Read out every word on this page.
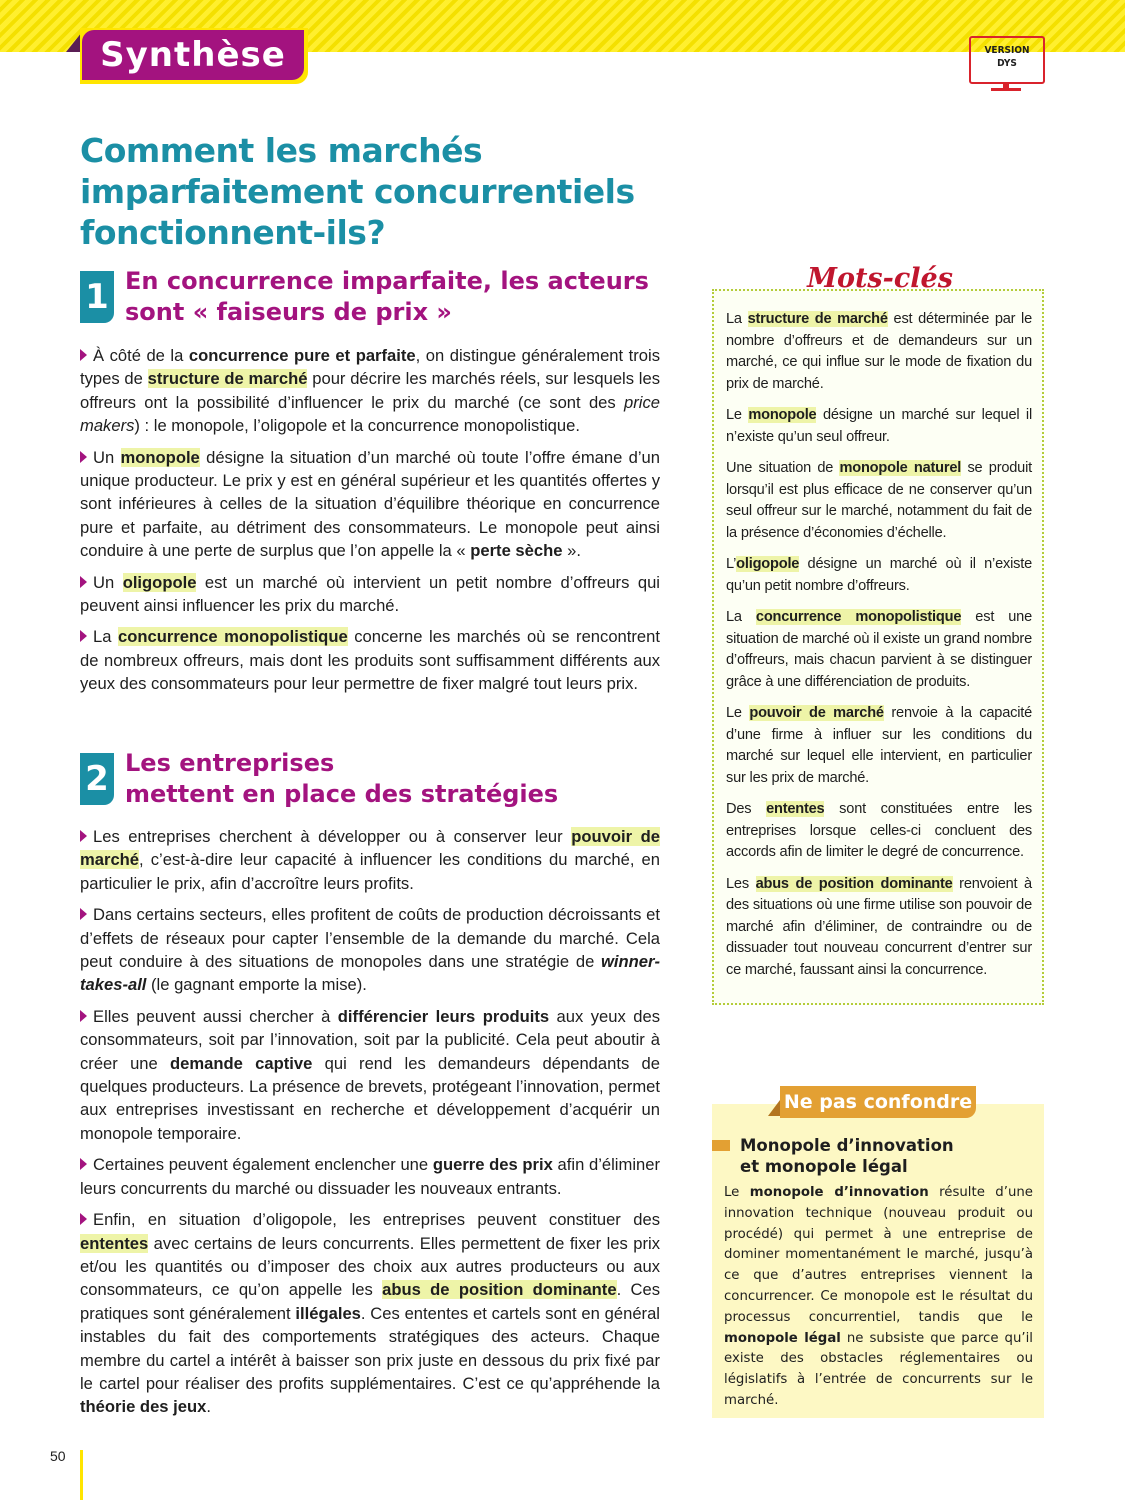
Synthèse	VERSION
DYS
Comment les marchés imparfaitement concurrentiels fonctionnent-ils?
1 En concurrence imparfaite, les acteurs
sont « faiseurs de prix »
À côté de la concurrence pure et parfaite, on distingue généralement trois types de structure de marché pour décrire les marchés réels, sur lesquels les offreurs ont la possibilité d’influencer le prix du marché (ce sont des price makers) : le monopole, l’oligopole et la concurrence monopolistique.
Un monopole désigne la situation d’un marché où toute l’offre émane d’un unique producteur. Le prix y est en général supérieur et les quantités offertes y sont inférieures à celles de la situation d’équilibre théorique en concurrence pure et parfaite, au détriment des consommateurs. Le monopole peut ainsi conduire à une perte de surplus que l’on appelle la « perte sèche ».
Un oligopole est un marché où intervient un petit nombre d’offreurs qui peuvent ainsi influencer les prix du marché.
La concurrence monopolistique concerne les marchés où se rencontrent de nombreux offreurs, mais dont les produits sont suffisamment différents aux yeux des consommateurs pour leur permettre de fixer malgré tout leurs prix.
2 Les entreprises
mettent en place des stratégies
Les entreprises cherchent à développer ou à conserver leur pouvoir de marché, c’est-à-dire leur capacité à influencer les conditions du marché, en particulier le prix, afin d’accroître leurs profits.
Dans certains secteurs, elles profitent de coûts de production décroissants et d’effets de réseaux pour capter l’ensemble de la demande du marché. Cela peut conduire à des situations de monopoles dans une stratégie de winner-takes-all (le gagnant emporte la mise).
Elles peuvent aussi chercher à différencier leurs produits aux yeux des consommateurs, soit par l’innovation, soit par la publicité. Cela peut aboutir à créer une demande captive qui rend les demandeurs dépendants de quelques producteurs. La présence de brevets, protégeant l’innovation, permet aux entreprises investissant en recherche et développement d’acquérir un monopole temporaire.
Certaines peuvent également enclencher une guerre des prix afin d’éliminer leurs concurrents du marché ou dissuader les nouveaux entrants.
Enfin, en situation d’oligopole, les entreprises peuvent constituer des ententes avec certains de leurs concurrents. Elles permettent de fixer les prix et/ou les quantités ou d’imposer des choix aux autres producteurs ou aux consommateurs, ce qu’on appelle les abus de position dominante. Ces pratiques sont généralement illégales. Ces ententes et cartels sont en général instables du fait des comportements stratégiques des acteurs. Chaque membre du cartel a intérêt à baisser son prix juste en dessous du prix fixé par le cartel pour réaliser des profits supplémentaires. C’est ce qu’appréhende la théorie des jeux.
Mots-clés
La structure de marché est déterminée par le nombre d’offreurs et de demandeurs sur un marché, ce qui influe sur le mode de fixation du prix de marché.
Le monopole désigne un marché sur lequel il n’existe qu’un seul offreur.
Une situation de monopole naturel se produit lorsqu’il est plus efficace de ne conserver qu’un seul offreur sur le marché, notamment du fait de la présence d’économies d’échelle.
L’oligopole désigne un marché où il n’existe qu’un petit nombre d’offreurs.
La concurrence monopolistique est une situation de marché où il existe un grand nombre d’offreurs, mais chacun parvient à se distinguer grâce à une différenciation de produits.
Le pouvoir de marché renvoie à la capacité d’une firme à influer sur les conditions du marché sur lequel elle intervient, en particulier sur les prix de marché.
Des ententes sont constituées entre les entreprises lorsque celles-ci concluent des accords afin de limiter le degré de concurrence.
Les abus de position dominante renvoient à des situations où une firme utilise son pouvoir de marché afin d’éliminer, de contraindre ou de dissuader tout nouveau concurrent d’entrer sur ce marché, faussant ainsi la concurrence.
Ne pas confondre
Monopole d’innovation
et monopole légal
Le monopole d’innovation résulte d’une innovation technique (nouveau produit ou procédé) qui permet à une entreprise de dominer momentanément le marché, jusqu’à ce que d’autres entreprises viennent la concurrencer. Ce monopole est le résultat du processus concurrentiel, tandis que le monopole légal ne subsiste que parce qu’il existe des obstacles réglementaires ou législatifs à l’entrée de concurrents sur le marché.
50
